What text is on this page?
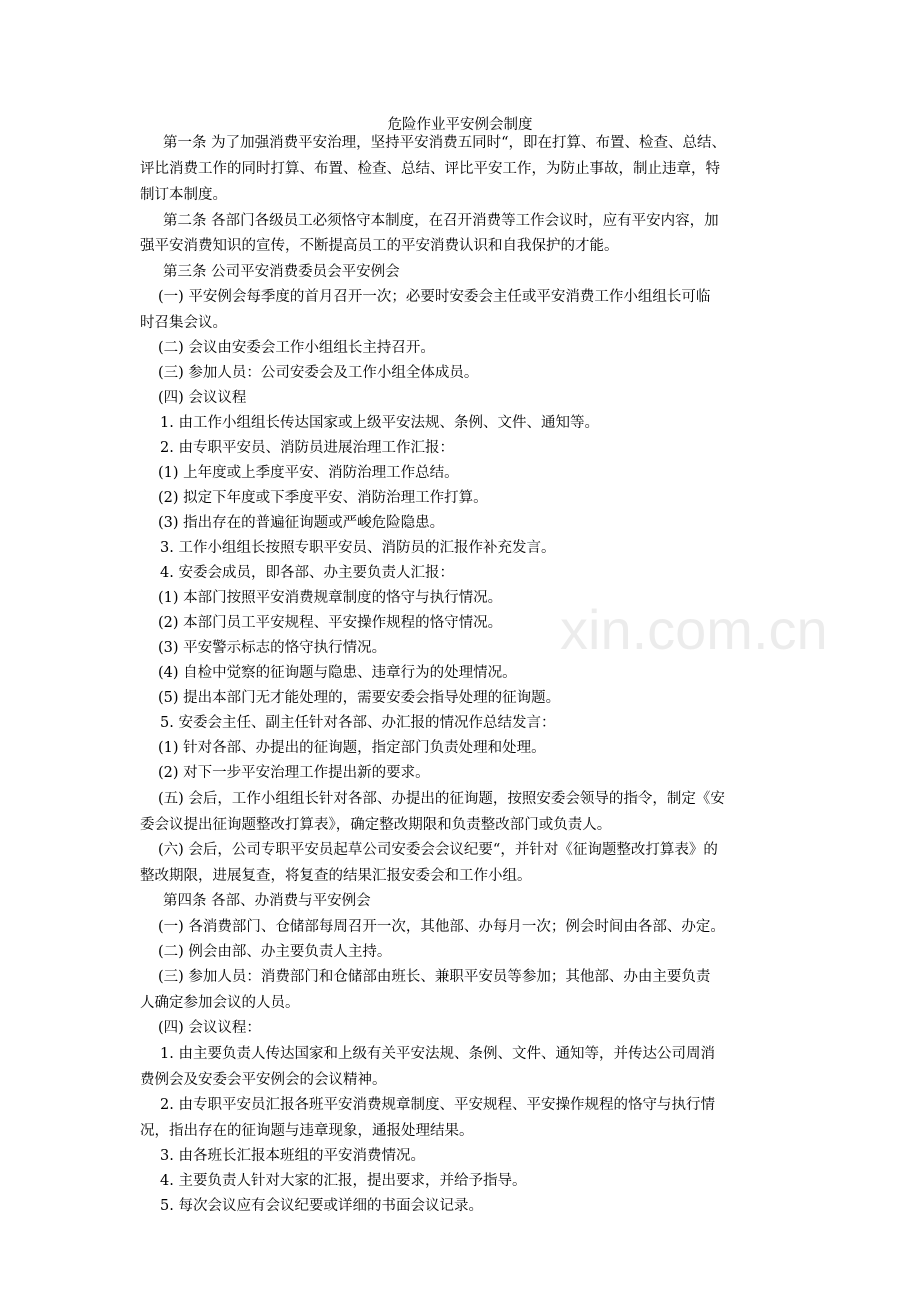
危险作业平安例会制度
第一条 为了加强消费平安治理，坚持平安消费五同时“，即在打算、布置、检查、总结、
评比消费工作的同时打算、布置、检查、总结、评比平安工作，为防止事故，制止违章，特
制订本制度。
第二条 各部门各级员工必须恪守本制度，在召开消费等工作会议时，应有平安内容，加
强平安消费知识的宣传，不断提高员工的平安消费认识和自我保护的才能。
第三条 公司平安消费委员会平安例会
(一) 平安例会每季度的首月召开一次；必要时安委会主任或平安消费工作小组组长可临
时召集会议。
(二) 会议由安委会工作小组组长主持召开。
(三) 参加人员：公司安委会及工作小组全体成员。
(四) 会议议程
1. 由工作小组组长传达国家或上级平安法规、条例、文件、通知等。
2. 由专职平安员、消防员进展治理工作汇报：
(1) 上年度或上季度平安、消防治理工作总结。
(2) 拟定下年度或下季度平安、消防治理工作打算。
(3) 指出存在的普遍征询题或严峻危险隐患。
3. 工作小组组长按照专职平安员、消防员的汇报作补充发言。
4. 安委会成员，即各部、办主要负责人汇报：
(1) 本部门按照平安消费规章制度的恪守与执行情况。
(2) 本部门员工平安规程、平安操作规程的恪守情况。
(3) 平安警示标志的恪守执行情况。
(4) 自检中觉察的征询题与隐患、违章行为的处理情况。
(5) 提出本部门无才能处理的，需要安委会指导处理的征询题。
5. 安委会主任、副主任针对各部、办汇报的情况作总结发言：
(1) 针对各部、办提出的征询题，指定部门负责处理和处理。
(2) 对下一步平安治理工作提出新的要求。
(五) 会后，工作小组组长针对各部、办提出的征询题，按照安委会领导的指令，制定《安
委会议提出征询题整改打算表》，确定整改期限和负责整改部门或负责人。
(六) 会后，公司专职平安员起草公司安委会会议纪要“，并针对《征询题整改打算表》的
整改期限，进展复查，将复查的结果汇报安委会和工作小组。
第四条 各部、办消费与平安例会
(一) 各消费部门、仓储部每周召开一次，其他部、办每月一次；例会时间由各部、办定。
(二) 例会由部、办主要负责人主持。
(三) 参加人员：消费部门和仓储部由班长、兼职平安员等参加；其他部、办由主要负责
人确定参加会议的人员。
(四) 会议议程：
1. 由主要负责人传达国家和上级有关平安法规、条例、文件、通知等，并传达公司周消
费例会及安委会平安例会的会议精神。
2. 由专职平安员汇报各班平安消费规章制度、平安规程、平安操作规程的恪守与执行情
况，指出存在的征询题与违章现象，通报处理结果。
3. 由各班长汇报本班组的平安消费情况。
4. 主要负责人针对大家的汇报，提出要求，并给予指导。
5. 每次会议应有会议纪要或详细的书面会议记录。
xin.com.cn
